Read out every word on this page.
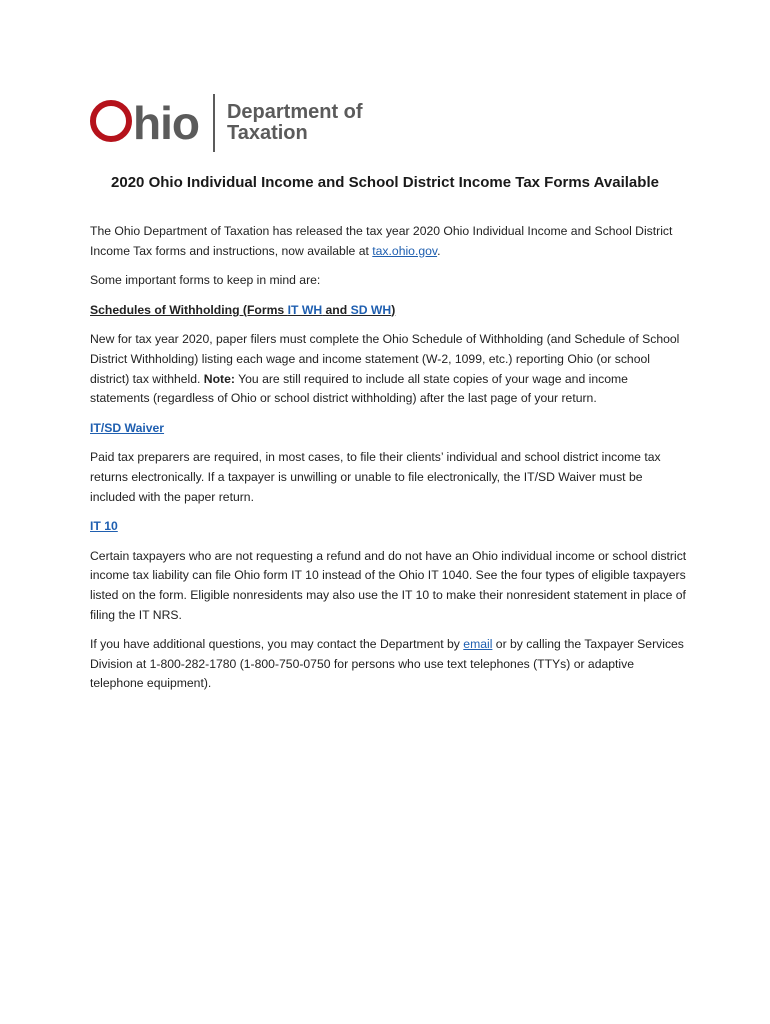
hio Department of
Taxation
2020 Ohio Individual Income and School District Income Tax Forms Available

The Ohio Department of Taxation has released the tax year 2020 Ohio Individual Income and School District Income Tax forms and instructions, now available at tax.ohio.gov.

Some important forms to keep in mind are:

Schedules of Withholding (Forms IT WH and SD WH)

New for tax year 2020, paper filers must complete the Ohio Schedule of Withholding (and Schedule of School District Withholding) listing each wage and income statement (W-2, 1099, etc.) reporting Ohio (or school district) tax withheld. Note: You are still required to include all state copies of your wage and income statements (regardless of Ohio or school district withholding) after the last page of your return.

IT/SD Waiver

Paid tax preparers are required, in most cases, to file their clients’ individual and school district income tax returns electronically. If a taxpayer is unwilling or unable to file electronically, the IT/SD Waiver must be included with the paper return.

IT 10

Certain taxpayers who are not requesting a refund and do not have an Ohio individual income or school district income tax liability can file Ohio form IT 10 instead of the Ohio IT 1040. See the four types of eligible taxpayers listed on the form. Eligible nonresidents may also use the IT 10 to make their nonresident statement in place of filing the IT NRS.

If you have additional questions, you may contact the Department by email or by calling the Taxpayer Services Division at 1-800-282-1780 (1-800-750-0750 for persons who use text telephones (TTYs) or adaptive telephone equipment).
